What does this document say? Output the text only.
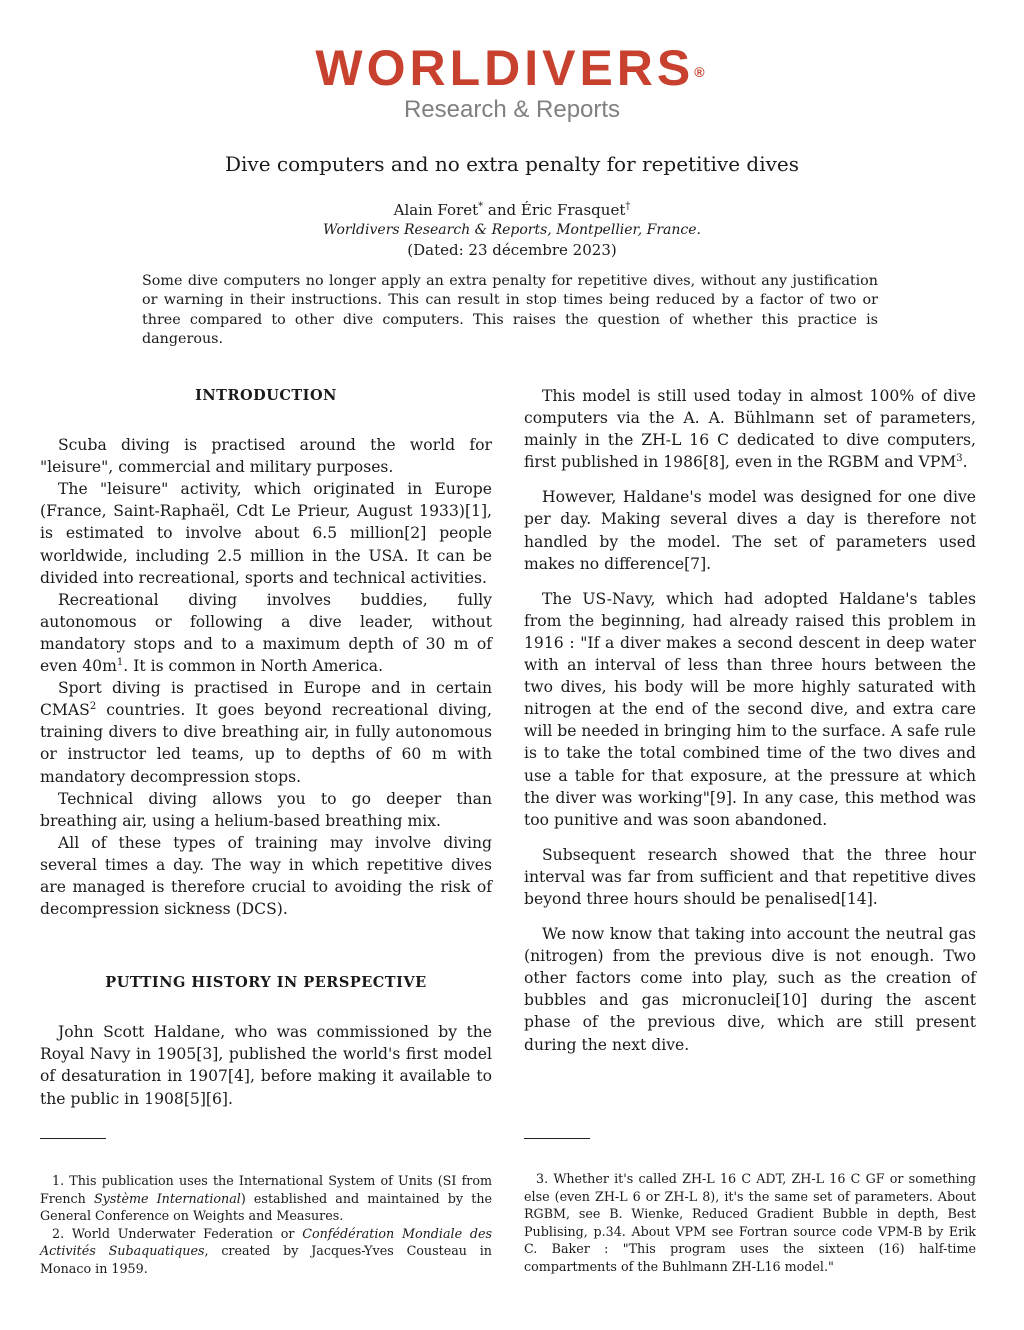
WORLDIVERS®
Research & Reports
Dive computers and no extra penalty for repetitive dives
Alain Foret* and Éric Frasquet†
Worldivers Research & Reports, Montpellier, France.
(Dated: 23 décembre 2023)
Some dive computers no longer apply an extra penalty for repetitive dives, without any justification or warning in their instructions. This can result in stop times being reduced by a factor of two or three compared to other dive computers. This raises the question of whether this practice is dangerous.
INTRODUCTION

Scuba diving is practised around the world for "leisure", commercial and military purposes.

The "leisure" activity, which originated in Europe (France, Saint-Raphaël, Cdt Le Prieur, August 1933)[1], is estimated to involve about 6.5 million[2] people worldwide, including 2.5 million in the USA. It can be divided into recreational, sports and technical activities.

Recreational diving involves buddies, fully autonomous or following a dive leader, without mandatory stops and to a maximum depth of 30 m of even $40m^1$. It is common in North America.

Sport diving is practised in Europe and in certain CMAS$^2$ countries. It goes beyond recreational diving, training divers to dive breathing air, in fully autonomous or instructor led teams, up to depths of 60 m with mandatory decompression stops.

Technical diving allows you to go deeper than breathing air, using a helium-based breathing mix.

All of these types of training may involve diving several times a day. The way in which repetitive dives are managed is therefore crucial to avoiding the risk of decompression sickness (DCS).

PUTTING HISTORY IN PERSPECTIVE

John Scott Haldane, who was commissioned by the Royal Navy in 1905[3], published the world's first model of desaturation in 1907[4], before making it available to the public in 1908[5][6].

This model is still used today in almost 100% of dive computers via the A. A. Bühlmann set of parameters, mainly in the ZH-L 16 C dedicated to dive computers, first published in 1986[8], even in the RGBM and VPM$^3$.

However, Haldane's model was designed for one dive per day. Making several dives a day is therefore not handled by the model. The set of parameters used makes no difference[7].

The US-Navy, which had adopted Haldane's tables from the beginning, had already raised this problem in 1916 : "If a diver makes a second descent in deep water with an interval of less than three hours between the two dives, his body will be more highly saturated with nitrogen at the end of the second dive, and extra care will be needed in bringing him to the surface. A safe rule is to take the total combined time of the two dives and use a table for that exposure, at the pressure at which the diver was working"[9]. In any case, this method was too punitive and was soon abandoned.

Subsequent research showed that the three hour interval was far from sufficient and that repetitive dives beyond three hours should be penalised[14].

We now know that taking into account the neutral gas (nitrogen) from the previous dive is not enough. Two other factors come into play, such as the creation of bubbles and gas micronuclei[10] during the ascent phase of the previous dive, which are still present during the next dive.

1. This publication uses the International System of Units (SI from French Système International) established and maintained by the General Conference on Weights and Measures.

2. World Underwater Federation or Confédération Mondiale des Activités Subaquatiques, created by Jacques-Yves Cousteau in Monaco in 1959.

3. Whether it's called ZH-L 16 C ADT, ZH-L 16 C GF or something else (even ZH-L 6 or ZH-L 8), it's the same set of parameters. About RGBM, see B. Wienke, Reduced Gradient Bubble in depth, Best Publising, p.34. About VPM see Fortran source code VPM-B by Erik C. Baker : "This program uses the sixteen (16) half-time compartments of the Buhlmann ZH-L16 model."
